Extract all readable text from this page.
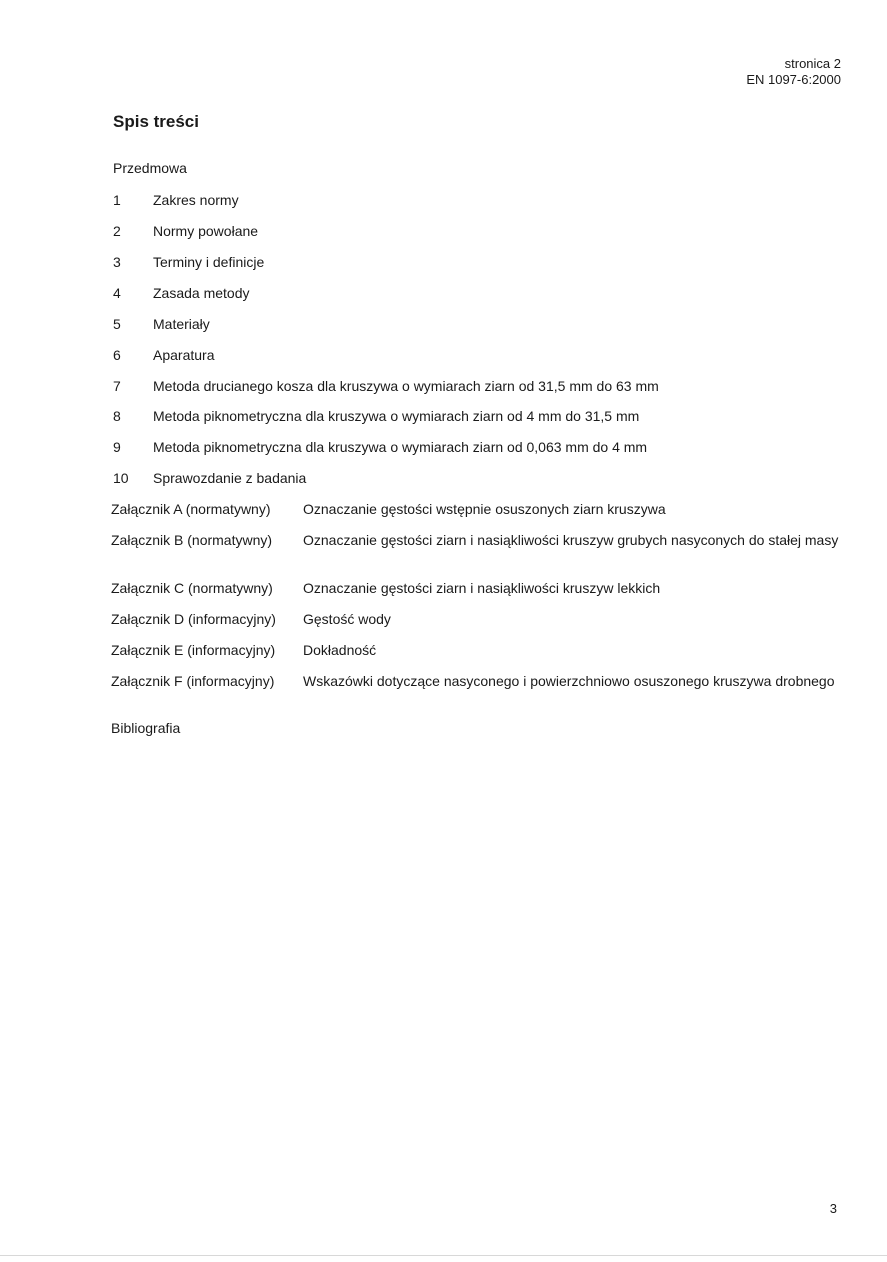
stronica 2
EN 1097-6:2000
Spis treści
Przedmowa
1	Zakres normy
2	Normy powołane
3	Terminy i definicje
4	Zasada metody
5	Materiały
6	Aparatura
7	Metoda drucianego kosza dla kruszywa o wymiarach ziarn od 31,5 mm do 63 mm
8	Metoda piknometryczna dla kruszywa o wymiarach ziarn od 4 mm do 31,5 mm
9	Metoda piknometryczna dla kruszywa o wymiarach ziarn od 0,063 mm do 4 mm
10	Sprawozdanie z badania
Załącznik A (normatywny)	Oznaczanie gęstości wstępnie osuszonych ziarn kruszywa
Załącznik B (normatywny)	Oznaczanie gęstości ziarn i nasiąkliwości kruszyw grubych nasyconych do stałej masy
Załącznik C (normatywny)	Oznaczanie gęstości ziarn i nasiąkliwości kruszyw lekkich
Załącznik D (informacyjny)	Gęstość wody
Załącznik E (informacyjny)	Dokładność
Załącznik F (informacyjny)	Wskazówki dotyczące nasyconego i powierzchniowo osuszonego kruszywa drobnego
Bibliografia
3
